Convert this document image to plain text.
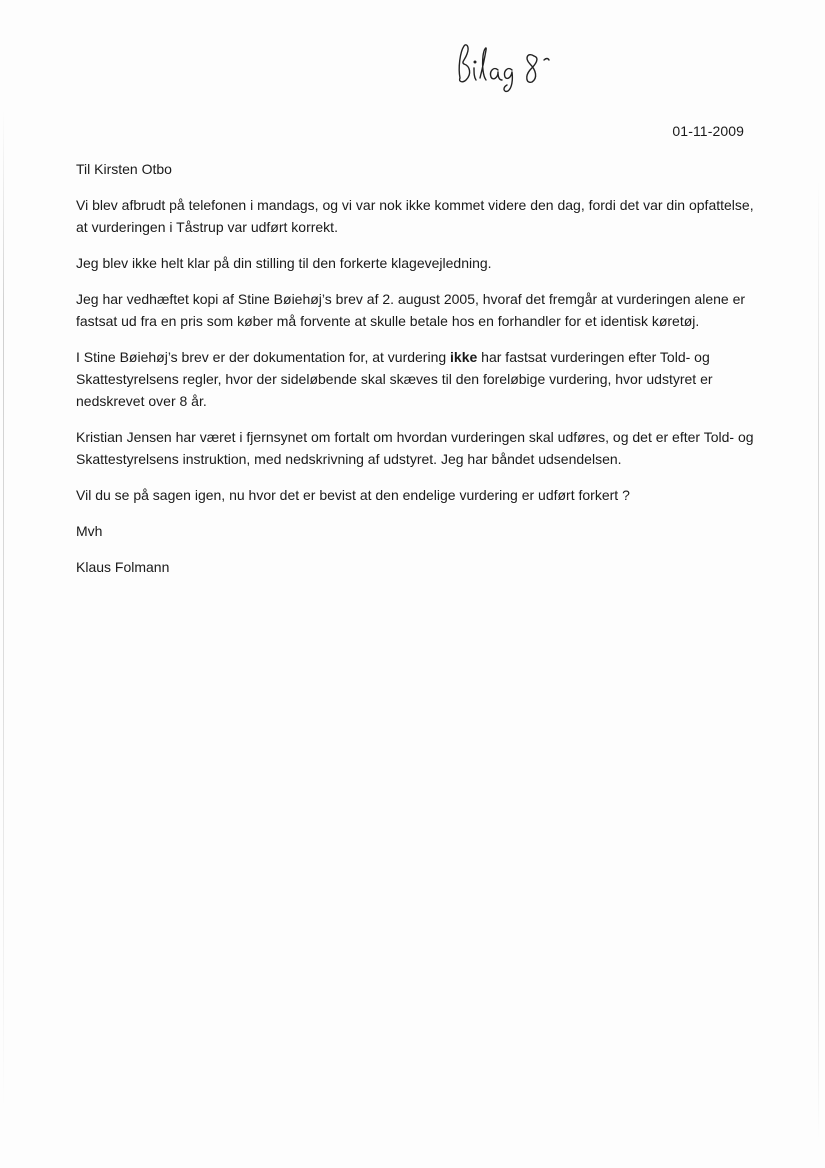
01-11-2009

Til Kirsten Otbo

Vi blev afbrudt på telefonen i mandags, og vi var nok ikke kommet videre den dag, fordi det var din opfattelse, at vurderingen i Tåstrup var udført korrekt.

Jeg blev ikke helt klar på din stilling til den forkerte klagevejledning.

Jeg har vedhæftet kopi af Stine Bøiehøj’s brev af 2. august 2005, hvoraf det fremgår at vurderingen alene er fastsat ud fra en pris som køber må forvente at skulle betale hos en forhandler for et identisk køretøj.

I Stine Bøiehøj’s brev er der dokumentation for, at vurdering ikke har fastsat vurderingen efter Told- og Skattestyrelsens regler, hvor der sideløbende skal skæves til den foreløbige vurdering, hvor udstyret er nedskrevet over 8 år.

Kristian Jensen har været i fjernsynet om fortalt om hvordan vurderingen skal udføres, og det er efter Told- og Skattestyrelsens instruktion, med nedskrivning af udstyret. Jeg har båndet udsendelsen.

Vil du se på sagen igen, nu hvor det er bevist at den endelige vurdering er udført forkert ?

Mvh

Klaus Folmann
